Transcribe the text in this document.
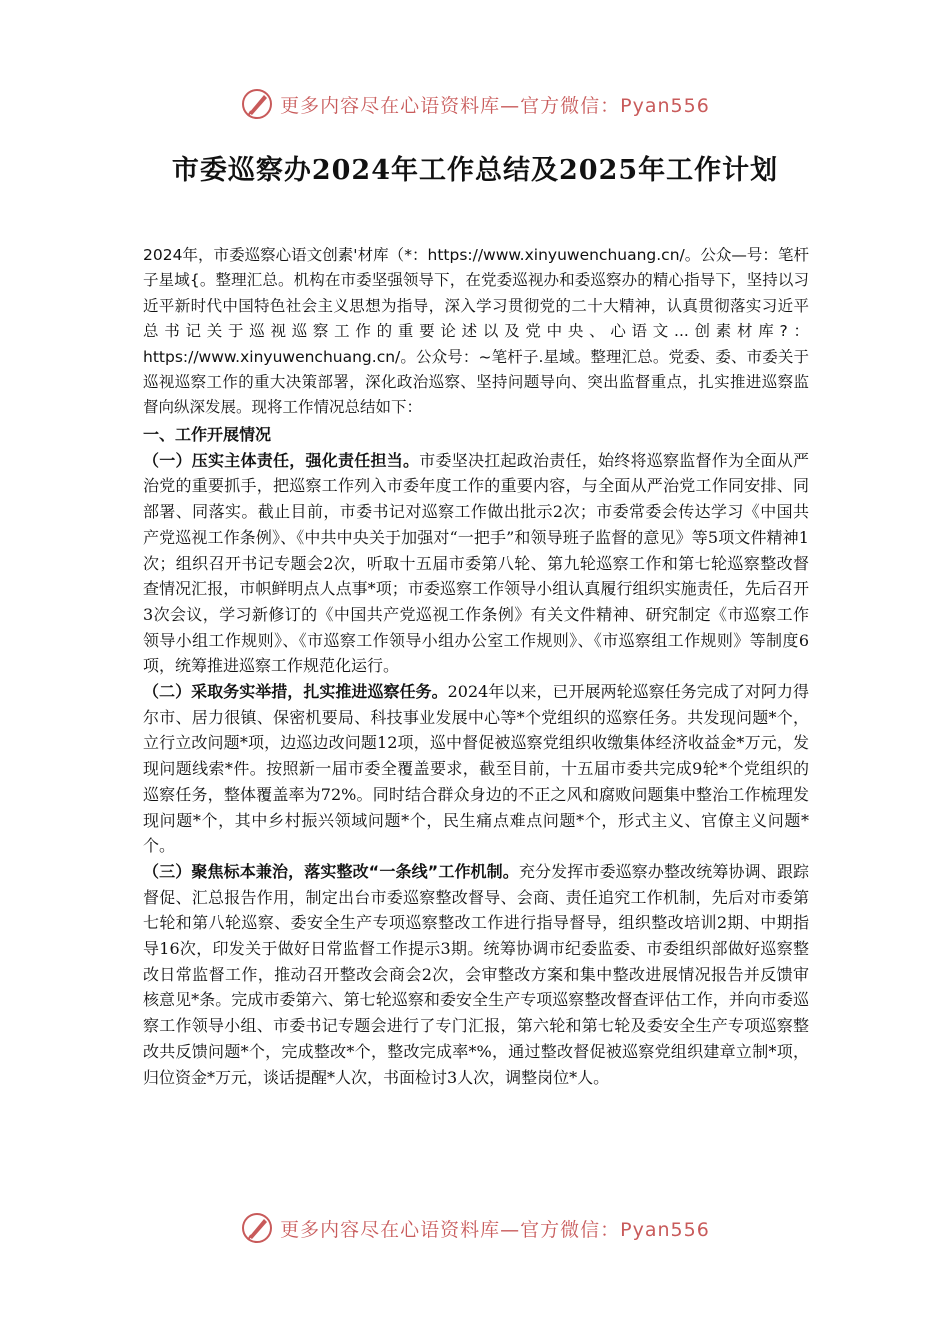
更多内容尽在心语资料库—官方微信：Pyan556
市委巡察办2024年工作总结及2025年工作计划

2024年，市委巡察心语文创素'材库（*：https://www.xinyuwenchuang.cn/。公众—号：笔杆子星域{。整理汇总。机构在市委坚强领导下，在党委巡视办和委巡察办的精心指导下，坚持以习近平新时代中国特色社会主义思想为指导，深入学习贯彻党的二十大精神，认真贯彻落实习近平总书记关于巡视巡察工作的重要论述以及党中央、心语文...创素材库?：https://www.xinyuwenchuang.cn/。公众号：~笔杆子.星域。整理汇总。党委、委、市委关于巡视巡察工作的重大决策部署，深化政治巡察、坚持问题导向、突出监督重点，扎实推进巡察监督向纵深发展。现将工作情况总结如下：

一、工作开展情况

（一）压实主体责任，强化责任担当。市委坚决扛起政治责任，始终将巡察监督作为全面从严治党的重要抓手，把巡察工作列入市委年度工作的重要内容，与全面从严治党工作同安排、同部署、同落实。截止目前，市委书记对巡察工作做出批示2次；市委常委会传达学习《中国共产党巡视工作条例》、《中共中央关于加强对“一把手”和领导班子监督的意见》等5项文件精神1次；组织召开书记专题会2次，听取十五届市委第八轮、第九轮巡察工作和第七轮巡察整改督查情况汇报，市帜鲜明点人点事*项；市委巡察工作领导小组认真履行组织实施责任，先后召开3次会议，学习新修订的《中国共产党巡视工作条例》有关文件精神、研究制定《市巡察工作领导小组工作规则》、《市巡察工作领导小组办公室工作规则》、《市巡察组工作规则》等制度6项，统筹推进巡察工作规范化运行。

（二）采取务实举措，扎实推进巡察任务。2024年以来，已开展两轮巡察任务完成了对阿力得尔市、居力很镇、保密机要局、科技事业发展中心等*个党组织的巡察任务。共发现问题*个，立行立改问题*项，边巡边改问题12项，巡中督促被巡察党组织收缴集体经济收益金*万元，发现问题线索*件。按照新一届市委全覆盖要求，截至目前，十五届市委共完成9轮*个党组织的巡察任务，整体覆盖率为72%。同时结合群众身边的不正之风和腐败问题集中整治工作梳理发现问题*个，其中乡村振兴领域问题*个，民生痛点难点问题*个，形式主义、官僚主义问题*个。

（三）聚焦标本兼治，落实整改“一条线”工作机制。充分发挥市委巡察办整改统筹协调、跟踪督促、汇总报告作用，制定出台市委巡察整改督导、会商、责任追究工作机制，先后对市委第七轮和第八轮巡察、委安全生产专项巡察整改工作进行指导督导，组织整改培训2期、中期指导16次，印发关于做好日常监督工作提示3期。统筹协调市纪委监委、市委组织部做好巡察整改日常监督工作，推动召开整改会商会2次，会审整改方案和集中整改进展情况报告并反馈审核意见*条。完成市委第六、第七轮巡察和委安全生产专项巡察整改督查评估工作，并向市委巡察工作领导小组、市委书记专题会进行了专门汇报，第六轮和第七轮及委安全生产专项巡察整改共反馈问题*个，完成整改*个，整改完成率*%，通过整改督促被巡察党组织建章立制*项，归位资金*万元，谈话提醒*人次，书面检讨3人次，调整岗位*人。

更多内容尽在心语资料库—官方微信：Pyan556
